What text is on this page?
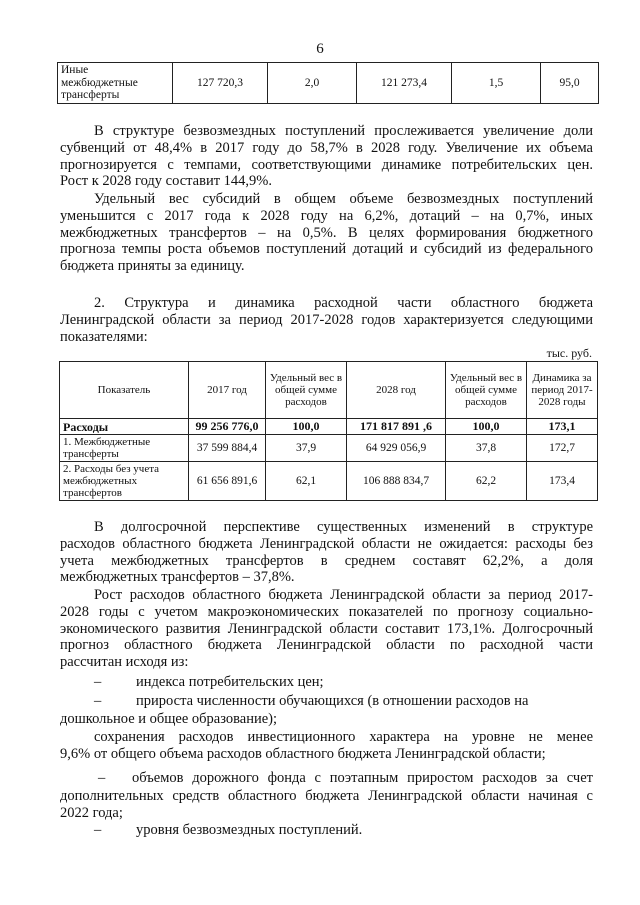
6
Иные
межбюджетные
трансферты	127 720,3	2,0	121 273,4	1,5	95,0
В структуре безвозмездных поступлений прослеживается увеличение доли
субвенций от 48,4% в 2017 году до 58,7% в 2028 году. Увеличение их объема
прогнозируется с темпами, соответствующими динамике потребительских цен.
Рост к 2028 году составит 144,9%.
Удельный вес субсидий в общем объеме безвозмездных поступлений
уменьшится с 2017 года к 2028 году на 6,2%, дотаций – на 0,7%, иных
межбюджетных трансфертов – на 0,5%. В целях формирования бюджетного
прогноза темпы роста объемов поступлений дотаций и субсидий из федерального
бюджета приняты за единицу.
2. Структура и динамика расходной части областного бюджета
Ленинградской области за период 2017-2028 годов характеризуется следующими
показателями:
тыс. руб.
Показатель	2017 год	Удельный вес в общей сумме расходов	2028 год	Удельный вес в общей сумме расходов	Динамика за период 2017-2028 годы
Расходы	99 256 776,0	100,0	171 817 891 ,6	100,0	173,1
1. Межбюджетные трансферты	37 599 884,4	37,9	64 929 056,9	37,8	172,7
2. Расходы без учета межбюджетных трансфертов	61 656 891,6	62,1	106 888 834,7	62,2	173,4
В долгосрочной перспективе существенных изменений в структуре
расходов областного бюджета Ленинградской области не ожидается: расходы без
учета межбюджетных трансфертов в среднем составят 62,2%, а доля
межбюджетных трансфертов – 37,8%.
Рост расходов областного бюджета Ленинградской области за период 2017-
2028 годы с учетом макроэкономических показателей по прогнозу социально-
экономического развития Ленинградской области составит 173,1%. Долгосрочный
прогноз областного бюджета Ленинградской области по расходной части
рассчитан исходя из:
– индекса потребительских цен;
– прироста численности обучающихся (в отношении расходов на
дошкольное и общее образование);
сохранения расходов инвестиционного характера на уровне не менее
9,6% от общего объема расходов областного бюджета Ленинградской области;
– объемов дорожного фонда с поэтапным приростом расходов за счет
дополнительных средств областного бюджета Ленинградской области начиная с
2022 года;
– уровня безвозмездных поступлений.
